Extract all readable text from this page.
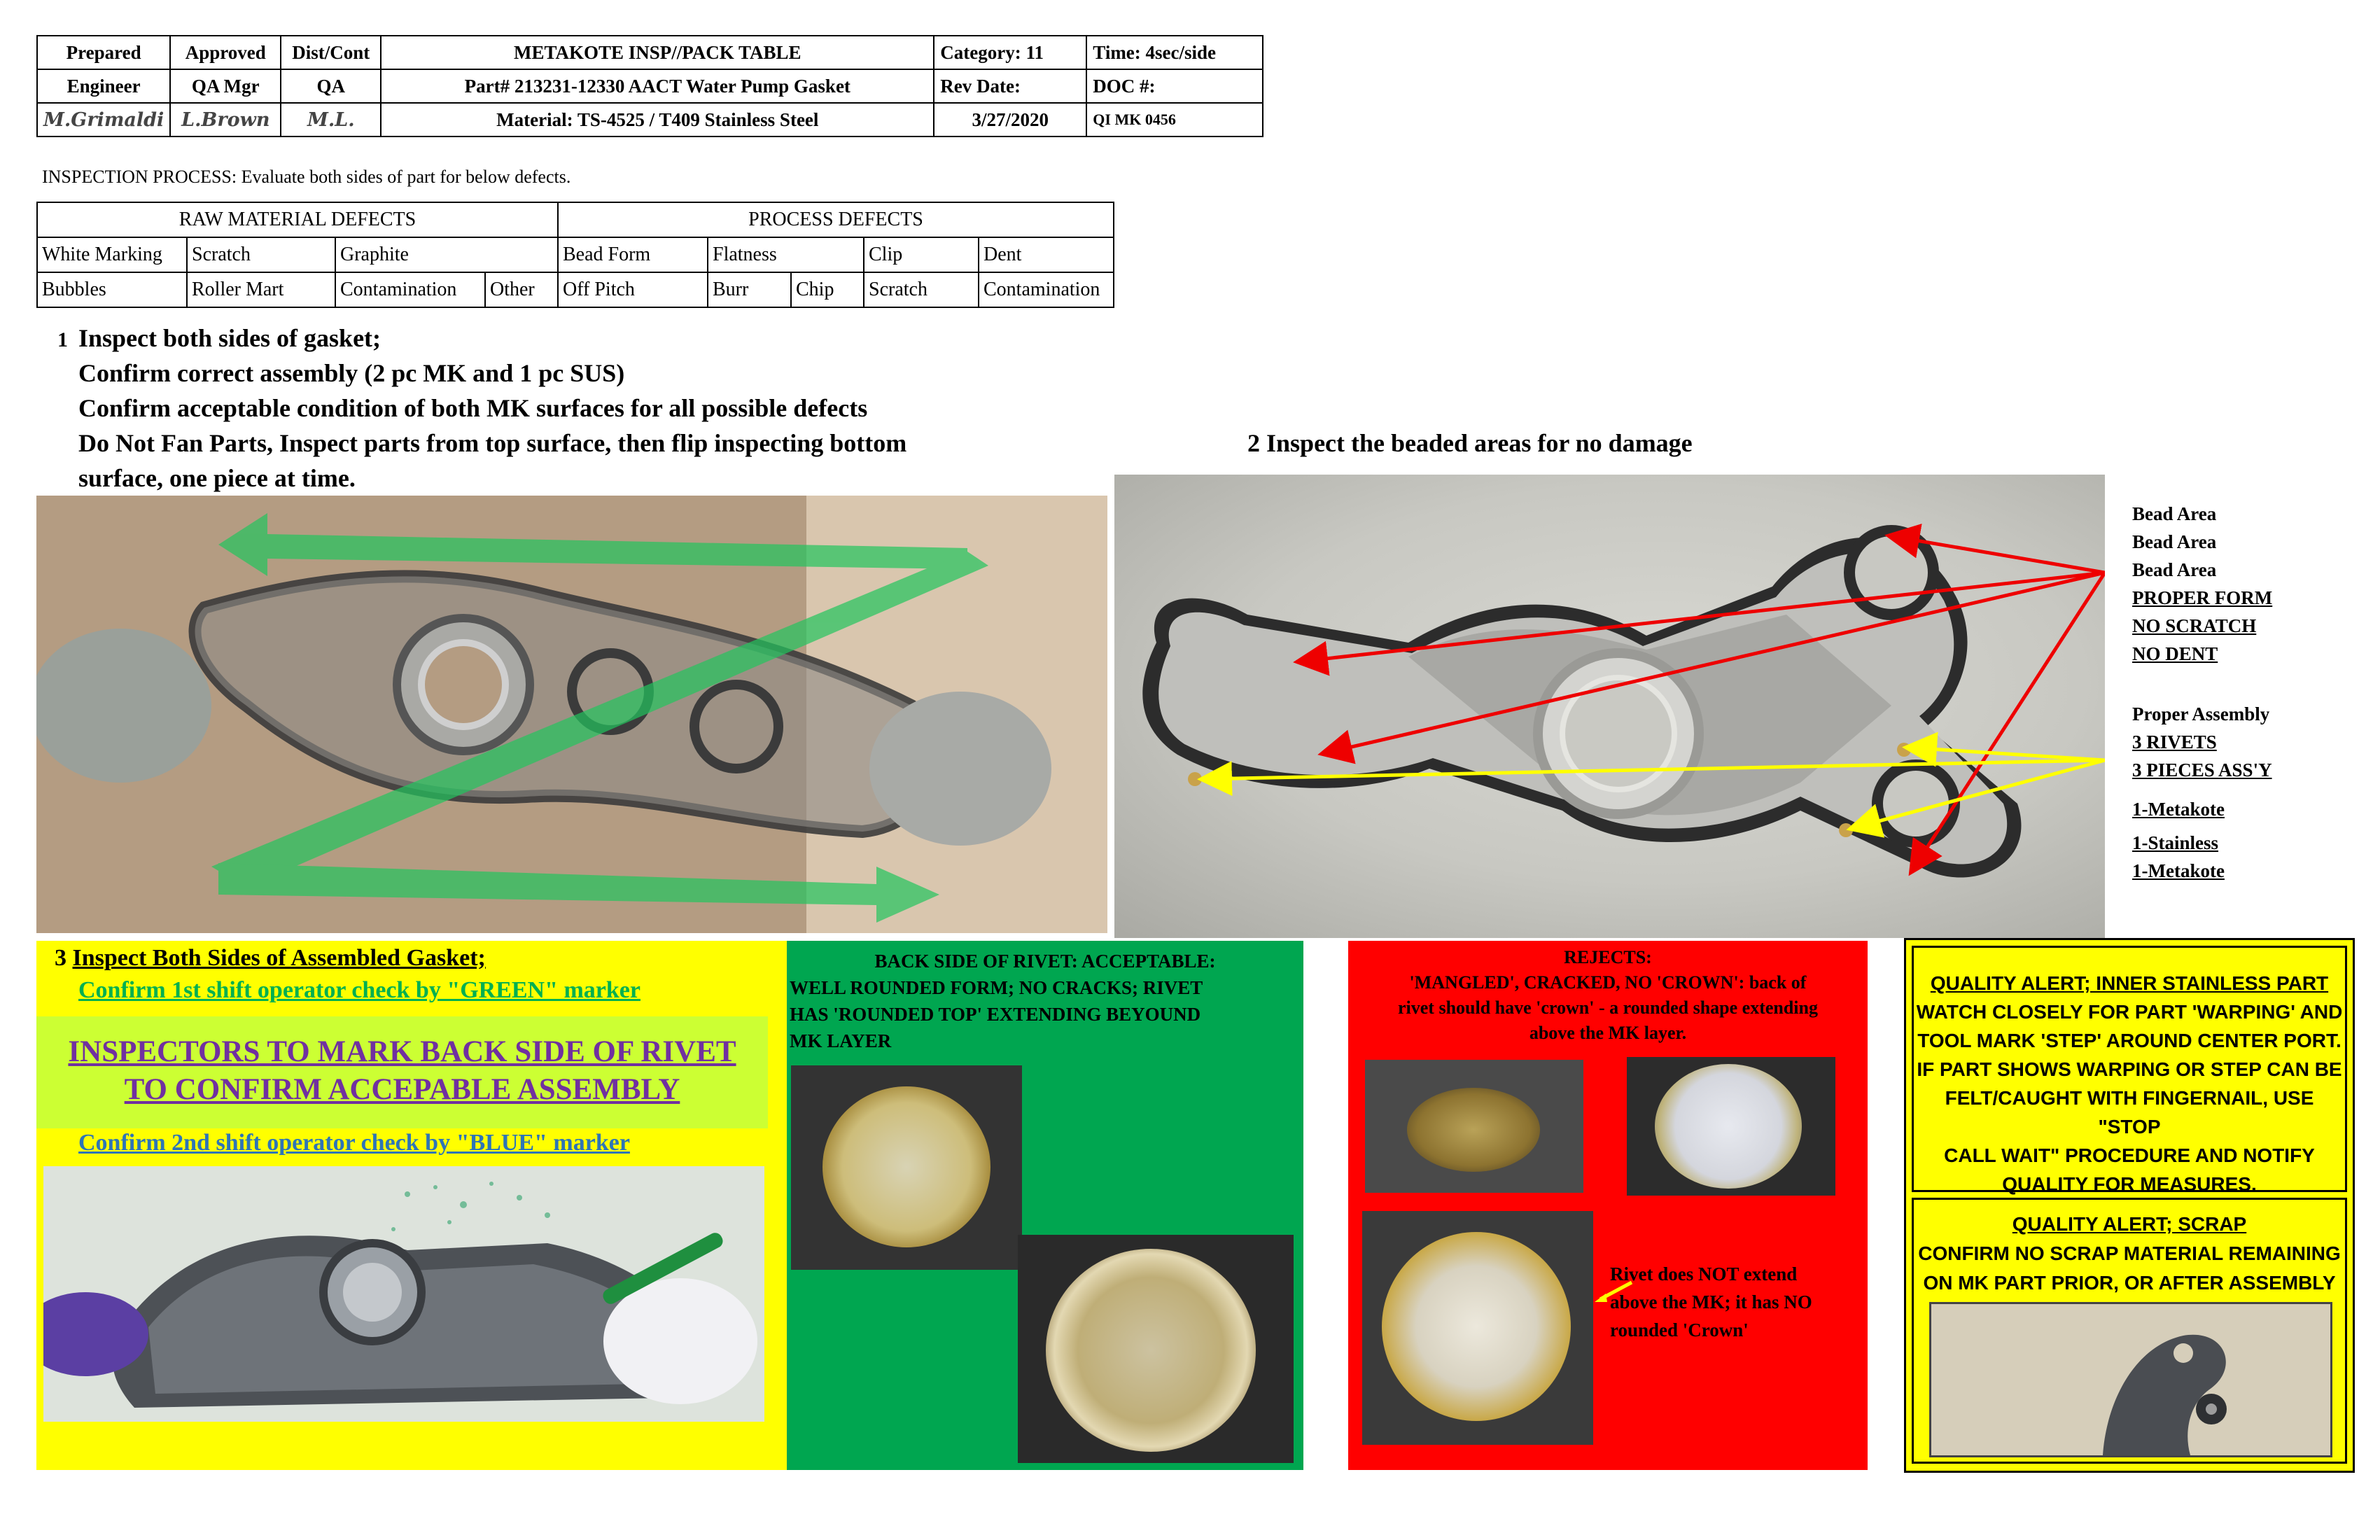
Prepared	Approved	Dist/Cont	METAKOTE INSP//PACK TABLE	Category: 11	Time: 4sec/side
Engineer	QA Mgr	QA	Part# 213231-12330 AACT Water Pump Gasket	Rev Date:	DOC #:
M.Grimaldi	L.Brown	M.L.	Material: TS-4525 / T409 Stainless Steel	3/27/2020	QI MK 0456
INSPECTION PROCESS: Evaluate both sides of part for below defects.
RAW MATERIAL DEFECTS				PROCESS DEFECTS				
White Marking	Scratch	Graphite		Bead Form	Flatness		Clip	Dent
Bubbles	Roller Mart	Contamination	Other	Off Pitch	Burr	Chip	Scratch	Contamination
1 Inspect both sides of gasket;
Confirm correct assembly (2 pc MK and 1 pc SUS)
Confirm acceptable condition of both MK surfaces for all possible defects
Do Not Fan Parts, Inspect parts from top surface, then flip inspecting bottom
surface, one piece at time.
2 Inspect the beaded areas for no damage
Bead Area
Bead Area
Bead Area
PROPER FORM
NO SCRATCH
NO DENT
Proper Assembly
3 RIVETS
3 PIECES ASS'Y
1-Metakote
1-Stainless
1-Metakote
3 Inspect Both Sides of Assembled Gasket;
Confirm 1st shift operator check by "GREEN" marker
INSPECTORS TO MARK BACK SIDE OF RIVET
TO CONFIRM ACCEPABLE ASSEMBLY
Confirm 2nd shift operator check by "BLUE" marker
BACK SIDE OF RIVET: ACCEPTABLE:
WELL ROUNDED FORM; NO CRACKS; RIVET
HAS 'ROUNDED TOP' EXTENDING BEYOUND
MK LAYER
REJECTS:
'MANGLED', CRACKED, NO 'CROWN': back of
rivet should have 'crown' - a rounded shape extending
above the MK layer.
Rivet does NOT extend
above the MK; it has NO
rounded 'Crown'
QUALITY ALERT; INNER STAINLESS PART
WATCH CLOSELY FOR PART 'WARPING' AND
TOOL MARK 'STEP' AROUND CENTER PORT.
IF PART SHOWS WARPING OR STEP CAN BE
FELT/CAUGHT WITH FINGERNAIL, USE "STOP
CALL WAIT" PROCEDURE AND NOTIFY
QUALITY FOR MEASURES.
QUALITY ALERT; SCRAP
CONFIRM NO SCRAP MATERIAL REMAINING
ON MK PART PRIOR, OR AFTER ASSEMBLY
